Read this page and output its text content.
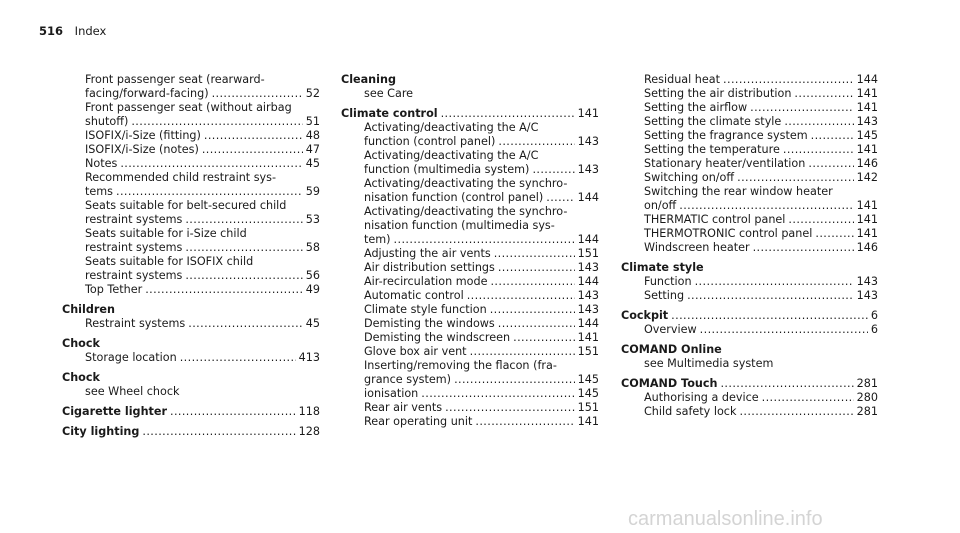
516 Index
Front passenger seat (rearward-
facing/forward-facing) .....	52
Front passenger seat (without airbag
shutoff) .....	51
ISOFIX/i-Size (fitting) .....	48
ISOFIX/i-Size (notes) .....	47
Notes .....	45
Recommended child restraint sys-
tems .....	59
Seats suitable for belt-secured child
restraint systems .....	53
Seats suitable for i-Size child
restraint systems .....	58
Seats suitable for ISOFIX child
restraint systems .....	56
Top Tether .....	49
Children
Restraint systems .....	45
Chock
Storage location .....	413
Chock
see Wheel chock
Cigarette lighter .....	118
City lighting .....	128
Cleaning
see Care
Climate control .....	141
Activating/deactivating the A/C
function (control panel) .....	143
Activating/deactivating the A/C
function (multimedia system) .....	143
Activating/deactivating the synchro-
nisation function (control panel) .....	144
Activating/deactivating the synchro-
nisation function (multimedia sys-
tem) .....	144
Adjusting the air vents .....	151
Air distribution settings .....	143
Air-recirculation mode .....	144
Automatic control .....	143
Climate style function .....	143
Demisting the windows .....	144
Demisting the windscreen .....	141
Glove box air vent .....	151
Inserting/removing the flacon (fra-
grance system) .....	145
ionisation .....	145
Rear air vents .....	151
Rear operating unit .....	141
Residual heat .....	144
Setting the air distribution .....	141
Setting the airflow .....	141
Setting the climate style .....	143
Setting the fragrance system .....	145
Setting the temperature .....	141
Stationary heater/ventilation .....	146
Switching on/off .....	142
Switching the rear window heater
on/off .....	141
THERMATIC control panel .....	141
THERMOTRONIC control panel .....	141
Windscreen heater .....	146
Climate style
Function .....	143
Setting .....	143
Cockpit .....	6
Overview .....	6
COMAND Online
see Multimedia system
COMAND Touch .....	281
Authorising a device .....	280
Child safety lock .....	281
carmanualsonline.info
